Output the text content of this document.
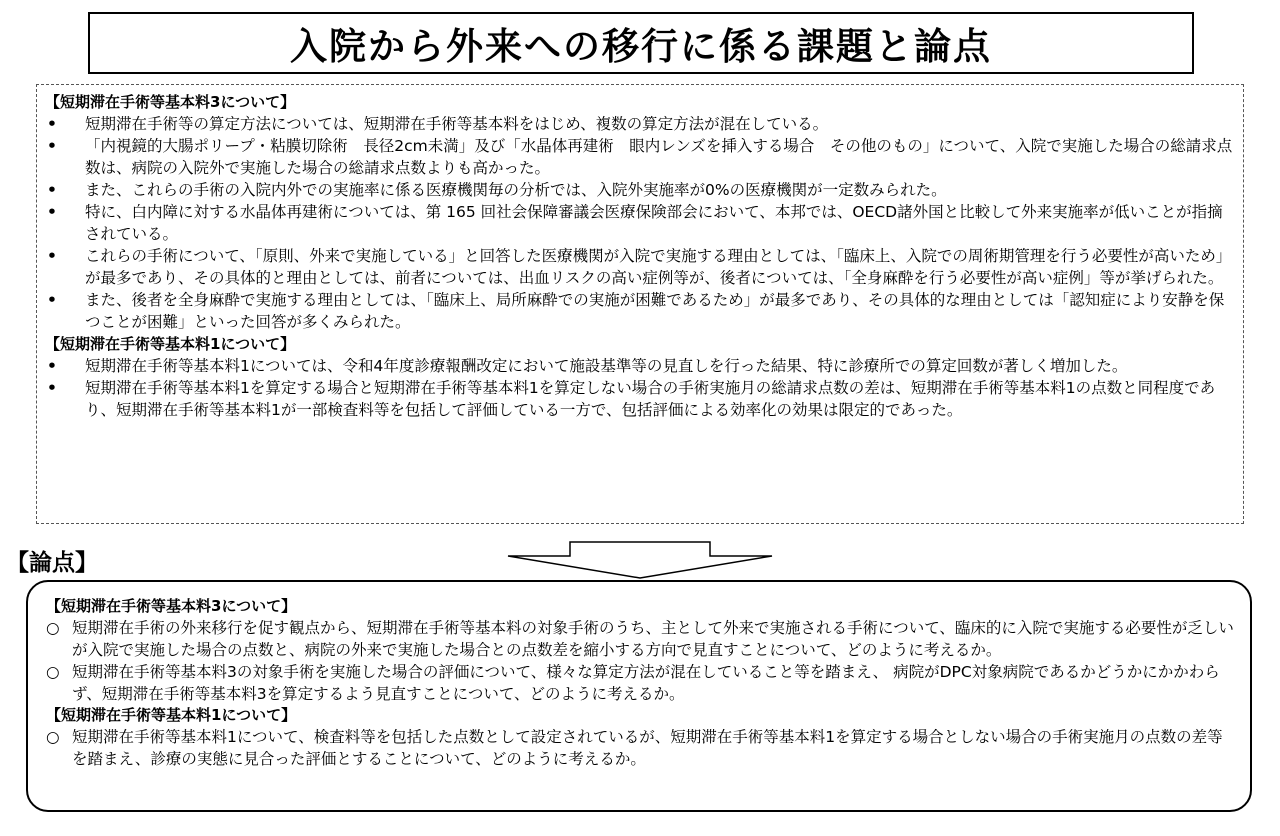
入院から外来への移行に係る課題と論点
【短期滞在手術等基本料3について】
• 短期滞在手術等の算定方法については、短期滞在手術等基本料をはじめ、複数の算定方法が混在している。
• 「内視鏡的大腸ポリープ・粘膜切除術　長径2cm未満」及び「水晶体再建術　眼内レンズを挿入する場合　その他のもの」について、入院で実施した場合の総請求点数は、病院の入院外で実施した場合の総請求点数よりも高かった。
• また、これらの手術の入院内外での実施率に係る医療機関毎の分析では、入院外実施率が0%の医療機関が一定数みられた。
• 特に、白内障に対する水晶体再建術については、第 165 回社会保障審議会医療保険部会において、本邦では、OECD諸外国と比較して外来実施率が低いことが指摘されている。
• これらの手術について、「原則、外来で実施している」と回答した医療機関が入院で実施する理由としては、「臨床上、入院での周術期管理を行う必要性が高いため」が最多であり、その具体的と理由としては、前者については、出血リスクの高い症例等が、後者については、「全身麻酔を行う必要性が高い症例」等が挙げられた。
• また、後者を全身麻酔で実施する理由としては、「臨床上、局所麻酔での実施が困難であるため」が最多であり、その具体的な理由としては「認知症により安静を保つことが困難」といった回答が多くみられた。
【短期滞在手術等基本料1について】
• 短期滞在手術等基本料1については、令和4年度診療報酬改定において施設基準等の見直しを行った結果、特に診療所での算定回数が著しく増加した。
• 短期滞在手術等基本料1を算定する場合と短期滞在手術等基本料1を算定しない場合の手術実施月の総請求点数の差は、短期滞在手術等基本料1の点数と同程度であり、短期滞在手術等基本料1が一部検査料等を包括して評価している一方で、包括評価による効率化の効果は限定的であった。
【論点】
【短期滞在手術等基本料3について】
○ 短期滞在手術の外来移行を促す観点から、短期滞在手術等基本料の対象手術のうち、主として外来で実施される手術について、臨床的に入院で実施する必要性が乏しいが入院で実施した場合の点数と、病院の外来で実施した場合との点数差を縮小する方向で見直すことについて、どのように考えるか。
○ 短期滞在手術等基本料3の対象手術を実施した場合の評価について、様々な算定方法が混在していること等を踏まえ、 病院がDPC対象病院であるかどうかにかかわらず、短期滞在手術等基本料3を算定するよう見直すことについて、どのように考えるか。
【短期滞在手術等基本料1について】
○ 短期滞在手術等基本料1について、検査料等を包括した点数として設定されているが、短期滞在手術等基本料1を算定する場合としない場合の手術実施月の点数の差等を踏まえ、診療の実態に見合った評価とすることについて、どのように考えるか。
